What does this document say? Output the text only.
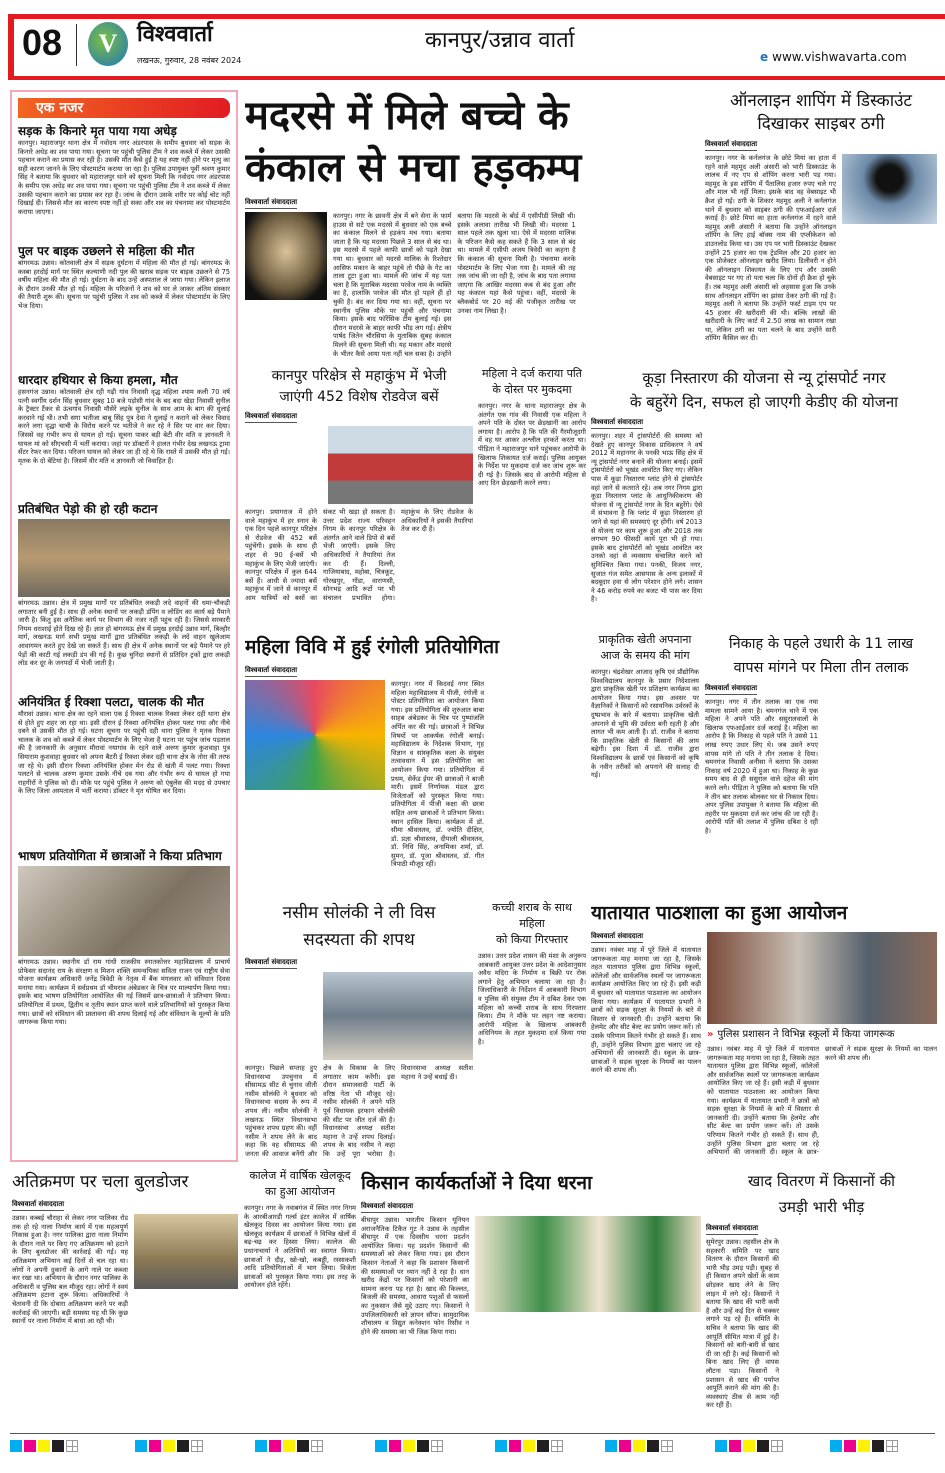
08	V विश्ववार्ता
लखनऊ, गुरुवार, 28 नवंबर 2024
कानपुर/उन्नाव वार्ता
e www.vishwavarta.com
एक नजर
सड़क के किनारे मृत पाया गया अधेड़
कानपुर। महाराजपुर थाना क्षेत्र में नवोदय नगर अंडरपास के समीप बुधवार को सड़क के किनारे अधेड़ का शव पाया गया। सूचना पर पहुंची पुलिस टीम ने शव कब्जे में लेकर उसकी पहचान कराने का प्रयास कर रही है। उसकी मौत कैसे हुई है यह स्पष्ट नहीं होने पर मृत्यु का सही कारण जानने के लिए पोस्टमार्टम कराया जा रहा है। पुलिस उपायुक्त पूर्वी श्रवण कुमार सिंह ने बताया कि बुधवार को महाराजपुर थाने को सूचना मिली कि नवोदय नगर अंडरपास के समीप एक अधेड़ का शव पाया गया। सूचना पर पहुंची पुलिस टीम ने शव कब्जे में लेकर उसकी पहचान कराने का प्रयास कर रहा है। जांच के दौरान उसके शरीर पर कोई चोट नहीं दिखाई दी। जिससे मौत का कारण स्पष्ट नहीं हो सका और शव का पंचनामा कर पोस्टमार्टम कराया जाएगा।
पुल पर बाइक उछलने से महिला की मौत
बांगरमऊ उन्नाव। कोतवाली क्षेत्र में सड़क दुर्घटना में महिला की मौत हो गई। बांगरमऊ के कस्बा हरदोई मार्ग पर स्थित कल्याणी नदी पुल की खराब सड़क पर बाइक उछलने से 75 वर्षीय महिला की मौत हो गई। दुर्घटना के बाद उन्हें अस्पताल ले जाया गया। लेकिन इलाज के दौरान उनकी मौत हो गई। महिला के परिजनों ने शव को घर ले जाकर अंतिम संस्कार की तैयारी शुरू की। सूचना पर पहुंची पुलिस ने शव को कब्जे में लेकर पोस्टमार्टम के लिए भेज दिया।
धारदार हथियार से किया हमला, मौत
हसनगंज उन्नाव। कोतवाली क्षेत्र रही गढ़ी गांव निवासी वृद्ध महिला श्याम कली 70 वर्ष पत्नी स्वर्गीय दर्शन सिंह बुधवार सुबह 10 बजे पड़ोसी गांव के बद बदा खेड़ा निवासी सुनील के ट्रैक्टर टैंकर से ऊंचगांव निवासी मौसेरे लड़के सुनील के साथ आम के बाग की धुलाई करवाने गई थी। तभी सगा भतीजा बाबू सिंह पुत्र देवा ने धुलाई न कराने को लेकर विवाद करने लगा वृद्धा चाची के विरोध करने पर भतीजे ने कर रहे ने सिर पर वार कर दिया। जिससे वह गंभीर रूप से घायल हो गई। सूचना पाकर बड़ी बेटी वीर मति व ज्ञानवती ने घायल मां को सीएचसी में भर्ती कराया। जहां पर डॉक्टरों ने हालत गंभीर देख लखनऊ ट्रामा सेंटर रेफर कर दिया। परिजन घायल को लेकर जा ही रहे थे कि रास्ते में उसकी मौत हो गई। मृतक के दो बेटियां है। जिसमें वीर मति व ज्ञानवती जो विवाहित हैं।
प्रतिबंधित पेड़ो की हो रही कटान
बांगरमऊ उन्नाव। क्षेत्र में प्रमुख मार्गों पर प्रतिबंधित लकड़ी लदे वाहनों की धमा-चौकड़ी लगातार बनी हुई है। साथ ही अनेक स्थानों पर लकड़ी डंपिंग व लोडिंग का कार्य बड़े पैमाने जारी है। किंतु इस अनैतिक कार्य पर विभाग की नजर नहीं पहुंच रही है। जिससे सरकारी नियम धराशाई होते दिख रहे हैं। ज्ञात हो बांगरमऊ क्षेत्र में प्रमुख हरदोई उन्नाव मार्ग, बिल्हौर मार्ग, लखनऊ मार्ग सभी प्रमुख मार्गों द्वारा प्रतिबंधित लकड़ी के लदे वाहन खुलेआम आवागमन करते हुए देखे जा सकते हैं। साथ ही क्षेत्र में अनेक स्थानों पर बड़े पैमाने पर हरे पेड़ों की काटी गई लकड़ी डंप की गई है। कुछ चुनिंदा स्थानों से प्रतिदिन ट्रकों द्वारा लकड़ी लोड कर दूर के जनपदों में भेजी जाती है।
अनियंत्रित ई रिक्शा पलटा, चालक की मौत
मौरावां उन्नाव। थाना क्षेत्र का रहने वाला एक ई रिक्शा चालक रिक्शा लेकर दही थाना क्षेत्र से होते हुए शहर जा रहा था। इसी दौरान ई रिक्शा अनियंत्रित होकर पलट गया और नीचे दबने से उसकी मौत हो गई। घटना सूचना पर पहुंची दही थाना पुलिस ने मृतक रिक्शा चालक के शव को कब्जे में लेकर पोस्टमार्टम के लिए भेजा है घटना पर पहुंच जांच पड़ताल की है जानकारी के अनुसार मौरावां नयागांव के रहने वाले अरुण कुमार कुशवाहा पुत्र सियाराम कुशवाहा बुधवार को अपना बैटरी ई रिक्शा लेकर दही थाना क्षेत्र के तोरा की तरफ जा रहे थे। इसी दौरान रिक्शा अनियंत्रित होकर मेन रोड से खंती में पलट गया। रिक्शा पलटने से चालक अरुण कुमार उसके नीचे दब गया और गंभीर रूप से घायल हो गया राहगीरों ने पुलिस को दी। मौके पर पहुंचे पुलिस ने अरुण को एंबुलेंस की मदद से उपचार के लिए जिला अस्पताल में भर्ती कराया। डॉक्टर ने मृत घोषित कर दिया।
भाषण प्रतियोगिता में छात्राओं ने किया प्रतिभाग
बांगरमऊ उन्नाव। स्थानीय डॉ राम गांधी राजकीय स्नातकोत्तर महाविद्यालय में प्राचार्य प्रोफेसर सदानंद राय के संरक्षण व मिशन शक्ति समन्वयिका सविता राजन एवं राष्ट्रीय सेवा योजना कार्यक्रम अधिकारी जनेंद्र त्रिवेदी के नेतृत्व में बैंक मंगलवार को संविधान दिवस मनाया गया। कार्यक्रम में सर्वप्रथम डॉ भीमराव अंबेडकर के चित्र पर माल्यार्पण किया गया। इसके बाद भाषण प्रतियोगिता आयोजित की गई जिसमें छात्र-छात्राओं ने प्रतिभाग किया। प्रतियोगिता में प्रथम, द्वितीय व तृतीय स्थान प्राप्त करने वाले प्रतिभागियों को पुरस्कृत किया गया। छात्रों को संविधान की प्रस्तावना की शपथ दिलाई गई और संविधान के मूल्यों के प्रति जागरूक किया गया।
मदरसे में मिले बच्चे के
कंकाल से मचा हड़कम्प
विश्ववार्ता संवाददाता
कानपुर। नगर के छावनी क्षेत्र में बने सेना के फार्म हाउस से सटे एक मदरसे में बुधवार को एक बच्चे का कंकाल मिलने से हड़कंप मच गया। बताया जाता है कि यह मदरसा पिछले 3 साल से बंद था। इस मदरसे में पहले काफी छात्रों को पढ़ते देखा गया था। बुधवार को मदरसे मालिक के रिश्तेदार आसिफ मकान के बाहर पहुंचे तो पीछे के गेट का ताला टूटा हुआ था। मामले की जांच में यह पता चला है कि मुताबिक मदरसा परवेज नाम के व्यक्ति का है, हालांकि परवेज की मौत हो पहले ही हो चुकी है। बंद कर दिया गया था। वहीं, सूचना पर स्थानीय पुलिस मौके पर पहुंची और पंचनामा किया। इसके बाद फॉरेंसिक टीम बुलाई गई। इस दौरान मदरसे के बाहर काफी भीड़ लग गई। क्षेत्रीय पार्षद जितेन चौरसिया के मुताबिक सुबह कंकाल मिलने की सूचना मिली थी। यह मकान और मदरसे के भीतर कैसे आया पता नहीं चल सका है। उन्होंने बताया कि मदरसे के बोर्ड में एसीपीडी लिखी थी। इसके अलावा तारीख भी लिखी थी। मदरसा 1 साल पहले तक खुला था। ऐसे में मदरसा मालिक के परिजन कैसे कह सकते हैं कि 3 साल से बंद था। मामले में एसीपी अजय त्रिवेदी का कहना है कि कंकाल की सूचना मिली है। पंचनामा करके पोस्टमार्टम के लिए भेजा गया है। मामले की तह तक जांच की जा रही है, जांच के बाद पता लगाया जाएगा कि आखिर मदरसा कब से बंद हुआ और यह कंकाल यहां कैसे पहुंचा। वहीं, मदरसे के ब्लैकबोर्ड पर 20 मई की पंजीकृत तारीख पर उनका नाम लिखा है।
ऑनलाइन शापिंग में डिस्काउंट
दिखाकर साइबर ठगी
विश्ववार्ता संवाददाता
कानपुर। नगर के कर्नलगंज के छोटे मियां का हाता में रहने वाले महमूद अली अंसारी को भारी डिस्काउंट के लालच में नए एप से शॉपिंग करना भारी पड़ गया। महमूद के इस शॉपिंग में पैंतालिस हजार रुपए चले गए और माल भी नहीं मिला। इसके बाद वह वेबसाइट भी क्रैश हो गई। ठगी के शिकार महमूद अली ने कर्नलगंज थाने में बुधवार को साइबर ठगी की एफआईआर दर्ज कराई है। छोटे मियां का हाता कर्नलगंज में रहने वाले महमूद अली अंसारी ने बताया कि उन्होंने ऑनलाइन शॉपिंग के लिए हाई बॉक्स नाम की एप्लीकेशन को डाउनलोड किया था। उस एप पर भारी डिस्काउंट देखकर उन्होंने 25 हजार का एक ट्रेडमिल और 20 हजार का एक प्रोजेक्टर ऑनलाइन खरीद लिया। डिलीवरी न होने की ऑनलाइन शिकायत के लिए एप और उसकी वेबसाइट पर गए तो पता चला कि दोनों ही क्रैश हो चुके हैं। तब महमूद अली अंसारी को अहसास हुआ कि उनके साथ ऑनलाइन शॉपिंग का झांसा देकर ठगी की गई है। महमूद अली ने बताया कि उन्होंने फर्स्ट टाइम एप पर 45 हजार की खरीदारी की थी। बल्कि लाखों की खरीदारी के लिए कार्ट में 2.50 लाख का सामान रखा था, लेकिन ठगी का पता चलने के बाद उन्होंने सारी शॉपिंग कैंसिल कर दी।
कानपुर परिक्षेत्र से महाकुंभ में भेजी
जाएंगी 452 विशेष रोडवेज बसें
विश्ववार्ता संवाददाता
कानपुर। प्रयागराज में होने वाले महाकुंभ में हर स्नान के एक दिन पहले कानपुर परिक्षेत्र से रोडवेज की 452 बसें पहुंचेंगी। इसके के साथ ही शहर से 90 ई-बसें भी महाकुंभ के लिए भेजी जाएंगी। कानपुर परिक्षेत्र में कुल 644 बसें हैं। आधी से ज्यादा बसें महाकुंभ में जाने से कानपुर में आम यात्रियों को बसों का संकट भी खड़ा हो सकता है। उत्तर प्रदेश राज्य परिवहन निगम के कानपुर परिक्षेत्र के अंतर्गत आने वाले डिपो से बसें भेजी जाएंगी। इसके लिए अधिकारियों ने तैयारियां तेज कर दी हैं। दिल्ली, गाजियाबाद, महोबा, चित्रकूट, गोरखपुर, गोंडा, वाराणसी, सोनभद्र आदि रूटों पर भी संचालन प्रभावित होगा। महाकुंभ के लिए रोडवेज के अधिकारियों ने इसकी तैयारियां तेज कर दी हैं।
महिला ने दर्ज कराया पति
के दोस्त पर मुकदमा
कानपुर। नगर के थाना महाराजपुर क्षेत्र के अंतर्गत एक गांव की निवासी एक महिला ने अपने पति के दोस्त पर छेड़खानी का आरोप लगाया है। आरोप है कि पति की गैरमौजूदगी में वह घर आकर अश्लील हरकतें करता था। पीड़िता ने महाराजपुर थाने पहुंचकर आरोपी के खिलाफ शिकायत दर्ज कराई। पुलिस आयुक्त के निर्देश पर मुकदमा दर्ज कर जांच शुरू कर दी गई है। जिसके बाद से आरोपी महिला से आए दिन छेड़खानी करने लगा।
कूड़ा निस्तारण की योजना से न्यू ट्रांसपोर्ट नगर
के बहुरेंगे दिन, सफल हो जाएगी केडीए की योजना
विश्ववार्ता संवाददाता
कानपुर। शहर में ट्रांसपोर्टरों की समस्या को देखते हुए कानपुर विकास प्राधिकरण ने वर्ष 2012 में महानगर के पनकी भाऊ सिंह क्षेत्र में न्यू ट्रांसपोर्ट नगर बनाने की योजना बनाई। इसमें ट्रांसपोर्टरों को भूखंड आवंटित किए गए। लेकिन पास में कूड़ा निस्तारण प्लांट होने से ट्रांसपोर्टर वहां जाने से कतराते रहे। अब नगर निगम द्वारा कूड़ा निस्तारण प्लांट के आधुनिकीकरण की योजना से न्यू ट्रांसपोर्ट नगर के दिन बहुरेंगे। ऐसे में संभावना है कि प्लांट में कूड़ा निस्तारण हो जाने से यहां की समस्याएं दूर होंगी। वर्ष 2013 से योजना पर काम शुरू हुआ और 2018 तक लगभग 90 फीसदी कार्य पूरा भी हो गया। इसके बाद ट्रांसपोर्टरों को भूखंड आवंटित कर उनको वहां से व्यवसाय संचालित करने को सुनिश्चित किया गया। पनकी, विजय नगर, सुजात गंज समेत आसपास के अन्य इलाकों में बदबूदार हवा से लोग परेशान होने लगे। शासन ने 46 करोड़ रुपये का बजट भी पास कर दिया है।
महिला विवि में हुई रंगोली प्रतियोगिता
विश्ववार्ता संवाददाता
कानपुर। नगर में किदवई नगर स्थित महिला महाविद्यालय में पीजी, रंगोली व पोस्टर प्रतियोगिता का आयोजन किया गया। इस प्रतियोगिता की शुरुआत बाबा साहब अंबेडकर के चित्र पर पुष्पांजलि अर्पित कर की गई। छात्राओं ने विभिन्न विषयों पर आकर्षक रंगोली बनाई। महाविद्यालय के निदेशक विभाग, गृह विज्ञान व सांस्कृतिक कला के संयुक्त तत्वावधान में इस प्रतियोगिता का आयोजन किया गया। प्रतियोगिता में प्रथम, सेकेंड ईयर की छात्राओं ने बाजी मारी। इसमें निर्णायक मंडल द्वारा विजेताओं को पुरस्कृत किया गया। प्रतियोगिता में पीजी कक्षा की छात्रा सहित अन्य छात्राओं ने प्रतिभाग किया। स्थान हासिल किया। कार्यक्रम में डॉ. सीमा श्रीवास्तव, डॉ. ज्योति दीक्षित, डॉ. प्रज्ञा श्रीवास्तव, दीपाली श्रीवास्तव, डॉ. निधि सिंह, अनामिका शर्मा, डॉ. सुमन, डॉ. पूजा श्रीवास्तव, डॉ. गीत त्रिपाठी मौजूद रहीं।
प्राकृतिक खेती अपनाना
आज के समय की मांग
कानपुर। चंद्रशेखर आजाद कृषि एवं प्रौद्योगिक विश्वविद्यालय कानपुर के प्रसार निदेशालय द्वारा प्राकृतिक खेती पर प्रशिक्षण कार्यक्रम का आयोजन किया गया। इस अवसर पर वैज्ञानिकों ने किसानों को रसायनिक उर्वरकों के दुष्प्रभाव के बारे में बताया। प्राकृतिक खेती अपनाने से भूमि की उर्वरता बनी रहती है और लागत भी कम आती है। डॉ. राजीव ने बताया कि प्राकृतिक खेती से किसानों की आय बढ़ेगी। इस दिशा में डॉ. राजीव द्वारा विश्वविद्यालय के छात्रों एवं किसानों को कृषि के नवीन तरीकों को अपनाने की सलाह दी गई।
निकाह के पहले उधारी के 11 लाख
वापस मांगने पर मिला तीन तलाक
विश्ववार्ता संवाददाता
कानपुर। नगर में तीन तलाक का एक नया मामला सामने आया है। चमनगंज थाने में एक महिला ने अपने पति और ससुरालवालों के खिलाफ एफआईआर दर्ज कराई है। महिला का आरोप है कि निकाह से पहले पति ने उससे 11 लाख रुपए उधार लिए थे। जब उसने रुपए वापस मांगे तो पति ने तीन तलाक दे दिया। चमनगंज निवासी अनीसा ने बताया कि उसका निकाह वर्ष 2020 में हुआ था। निकाह के कुछ समय बाद से ही ससुराल वाले दहेज की मांग करने लगे। पीड़िता ने पुलिस को बताया कि पति ने तीन बार तलाक बोलकर घर से निकाल दिया। अपर पुलिस उपायुक्त ने बताया कि महिला की तहरीर पर मुकदमा दर्ज कर जांच की जा रही है। आरोपी पति की तलाश में पुलिस दबिश दे रही है।
नसीम सोलंकी ने ली विस
सदस्यता की शपथ
विश्ववार्ता संवाददाता
कानपुर। पिछले सप्ताह हुए विधानसभा उपचुनाव में सीसामऊ सीट से चुनाव जीती नसीम सोलंकी ने बुधवार को विधानसभा सदस्य के रूप में शपथ ली। नसीम सोलंकी ने लखनऊ स्थित विधानसभा पहुंचकर शपथ ग्रहण की। वहीं नसीम ने शपथ लेने के बाद कहा कि वह सीसामऊ की जनता की आवाज बनेंगी और क्षेत्र के विकास के लिए लगातार काम करेंगी। इस दौरान समाजवादी पार्टी के वरिष्ठ नेता भी मौजूद रहे। नसीम सोलंकी ने अपने पति पूर्व विधायक इरफान सोलंकी की सीट पर जीत दर्ज की है। विधानसभा अध्यक्ष सतीश महाना ने उन्हें शपथ दिलाई। शपथ के बाद नसीम ने कहा कि उन्हें पूरा भरोसा है। विधानसभा अध्यक्ष सतीश महाना ने उन्हें बधाई दी।
कच्ची शराब के साथ महिला
को किया गिरफ्तार
उन्नाव। उत्तर प्रदेश शासन की मंशा के अनुरूप आबकारी आयुक्त उत्तर प्रदेश के आदेशानुसार अवैध मदिरा के निर्माण व बिक्री पर रोक लगाने हेतु अभियान चलाया जा रहा है। जिलाधिकारी के निर्देशन में आबकारी विभाग व पुलिस की संयुक्त टीम ने दबिश देकर एक महिला को कच्ची शराब के साथ गिरफ्तार किया। टीम ने मौके पर लहन नष्ट कराया। आरोपी महिला के खिलाफ आबकारी अधिनियम के तहत मुकदमा दर्ज किया गया है।
यातायात पाठशाला का हुआ आयोजन
विश्ववार्ता संवाददाता
उन्नाव। नवंबर माह में पूरे जिले में यातायात जागरूकता माह मनाया जा रहा है, जिसके तहत यातायात पुलिस द्वारा विभिन्न स्कूलों, कॉलेजों और सार्वजनिक स्थलों पर जागरूकता कार्यक्रम आयोजित किए जा रहे हैं। इसी कड़ी में बुधवार को यातायात पाठशाला का आयोजन किया गया। कार्यक्रम में यातायात प्रभारी ने छात्रों को सड़क सुरक्षा के नियमों के बारे में विस्तार से जानकारी दी। उन्होंने बताया कि हेलमेट और सीट बेल्ट का प्रयोग जरूर करें। तो उसके परिणाम कितने गंभीर हो सकते हैं। साथ ही, उन्होंने पुलिस विभाग द्वारा चलाए जा रहे अभियानों की जानकारी दी। स्कूल के छात्र-छात्राओं ने सड़क सुरक्षा के नियमों का पालन करने की शपथ ली।
» पुलिस प्रशासन ने विभिन्न स्कूलों में किया जागरूक
उन्नाव। नवंबर माह में पूरे जिले में यातायात जागरूकता माह मनाया जा रहा है, जिसके तहत यातायात पुलिस द्वारा विभिन्न स्कूलों, कॉलेजों और सार्वजनिक स्थलों पर जागरूकता कार्यक्रम आयोजित किए जा रहे हैं। इसी कड़ी में बुधवार को यातायात पाठशाला का आयोजन किया गया। कार्यक्रम में यातायात प्रभारी ने छात्रों को सड़क सुरक्षा के नियमों के बारे में विस्तार से जानकारी दी। उन्होंने बताया कि हेलमेट और सीट बेल्ट का प्रयोग जरूर करें। तो उसके परिणाम कितने गंभीर हो सकते हैं। साथ ही, उन्होंने पुलिस विभाग द्वारा चलाए जा रहे अभियानों की जानकारी दी। स्कूल के छात्र-छात्राओं ने सड़क सुरक्षा के नियमों का पालन करने की शपथ ली।
अतिक्रमण पर चला बुलडोजर
विश्ववार्ता संवाददाता
उन्नाव। कब्बई चौराहा से लेकर नगर पालिका रोड तक हो रहे नाला निर्माण कार्य में एक महत्वपूर्ण निकास हुआ है। नगर पालिका द्वारा नाला निर्माण के दौरान नाले पर किए गए अतिक्रमण को हटाने के लिए बुलडोजर की कार्रवाई की गई। यह अतिक्रमण अभियान कई दिनों से चल रहा था। लोगों ने अपनी दुकानों के आगे नाले पर कब्जा कर रखा था। अभियान के दौरान नगर पालिका के अधिकारी व पुलिस बल मौजूद रहा। लोगों ने स्वयं अतिक्रमण हटाना शुरू किया। अधिकारियों ने चेतावनी दी कि दोबारा अतिक्रमण करने पर कड़ी कार्रवाई की जाएगी। बड़ी समस्या यह थी कि कुछ स्थानों पर नाला निर्माण में बाधा आ रही थी।
कालेज में वार्षिक खेलकूद
का हुआ आयोजन
कानपुर। नगर के नवाबगंज में स्थित नगर निगम के आरबीआरडी गर्ल्स इंटर कालेज में वार्षिक खेलकूद दिवस का आयोजन किया गया। इस खेलकूद कार्यक्रम में छात्राओं ने विभिन्न खेलों में बढ़-चढ़ कर हिस्सा लिया। कालेज की प्रधानाचार्या ने अतिथियों का स्वागत किया। छात्राओं ने दौड़, खो-खो, कबड्डी, रस्साकशी आदि प्रतियोगिताओं में भाग लिया। विजेता छात्राओं को पुरस्कृत किया गया। इस तरह के आयोजन होते रहेंगे।
किसान कार्यकर्ताओं ने दिया धरना
विश्ववार्ता संवाददाता
बीघापुर उन्नाव। भारतीय किसान यूनियन अराजनैतिक टिकैत गुट ने उन्नाव के तहसील बीघापुर में एक दिवसीय धरना प्रदर्शन आयोजित किया। यह प्रदर्शन किसानों की समस्याओं को लेकर किया गया। इस दौरान किसान नेताओं ने कहा कि प्रशासन किसानों की समस्याओं पर ध्यान नहीं दे रहा है। धान खरीद केंद्रों पर किसानों को परेशानी का सामना करना पड़ रहा है। खाद की किल्लत, बिजली की समस्या, आवारा पशुओं से फसलों का नुकसान जैसे मुद्दे उठाए गए। किसानों ने उपजिलाधिकारी को ज्ञापन सौंपा। सामुदायिक शौचालय व विद्युत कनेक्शन फोन रिसीव न होने की समस्या का भी जिक्र किया गया।
खाद वितरण में किसानों की
उमड़ी भारी भीड़
विश्ववार्ता संवाददाता
सुमेरपुर उन्नाव। तहसील क्षेत्र के सहकारी समिति पर खाद वितरण के दौरान किसानों की भारी भीड़ उमड़ पड़ी। सुबह से ही किसान अपने खेतों के काम छोड़कर खाद लेने के लिए लाइन में लगे रहे। किसानों ने बताया कि खाद की भारी कमी है और उन्हें कई दिन से चक्कर लगाने पड़ रहे हैं। समिति के सचिव ने बताया कि खाद की आपूर्ति सीमित मात्रा में हुई है। किसानों को बारी-बारी से खाद दी जा रही है। कई किसानों को बिना खाद लिए ही वापस लौटना पड़ा। किसानों ने प्रशासन से खाद की पर्याप्त आपूर्ति कराने की मांग की है। व्यवस्थाएं ठीक से काम नहीं कर रही हैं।
